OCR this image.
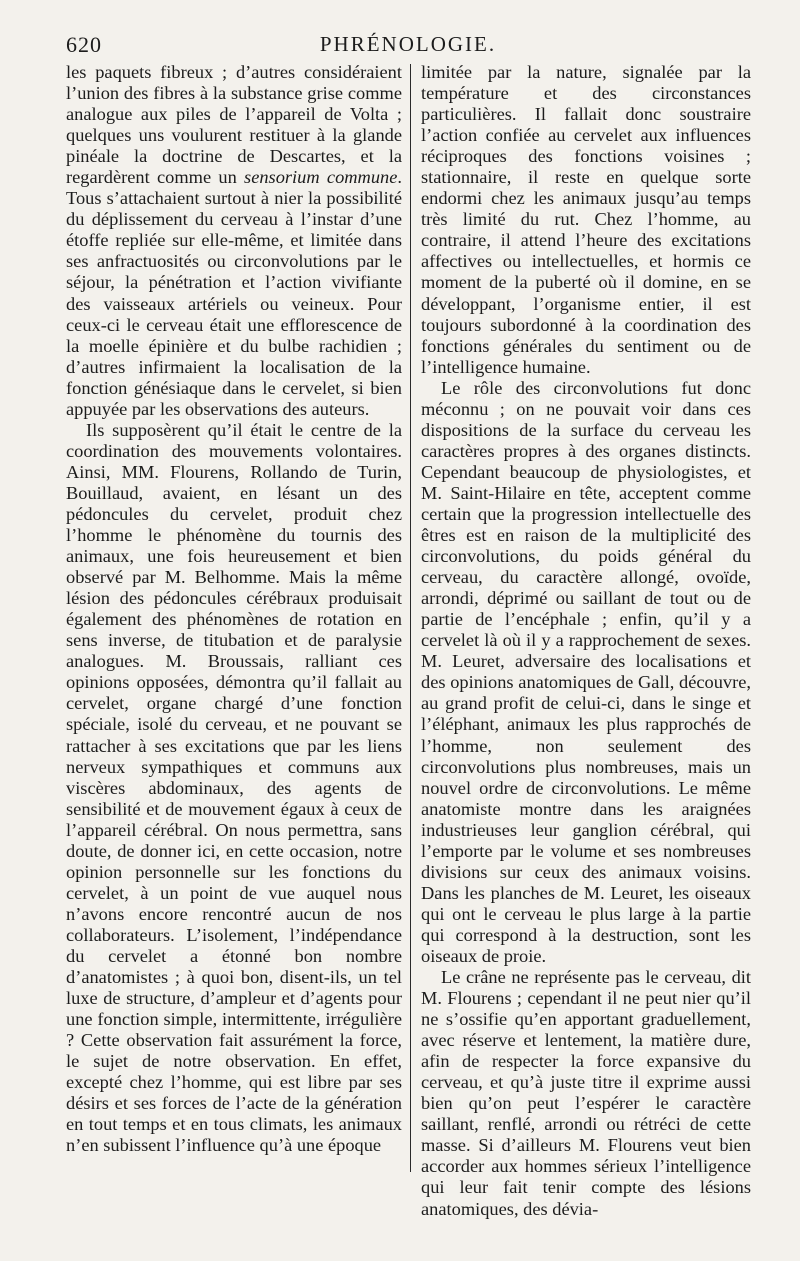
620	PHRÉNOLOGIE.

les paquets fibreux ; d’autres considéraient l’union des fibres à la substance grise comme analogue aux piles de l’appareil de Volta ; quelques uns voulurent restituer à la glande pinéale la doctrine de Descartes, et la regardèrent comme un sensorium commune. Tous s’attachaient surtout à nier la possibilité du déplissement du cerveau à l’instar d’une étoffe repliée sur elle-même, et limitée dans ses anfractuosités ou circonvolutions par le séjour, la pénétration et l’action vivifiante des vaisseaux artériels ou veineux. Pour ceux-ci le cerveau était une efflorescence de la moelle épinière et du bulbe rachidien ; d’autres infirmaient la localisation de la fonction génésiaque dans le cervelet, si bien appuyée par les observations des auteurs.

Ils supposèrent qu’il était le centre de la coordination des mouvements volontaires. Ainsi, MM. Flourens, Rollando de Turin, Bouillaud, avaient, en lésant un des pédoncules du cervelet, produit chez l’homme le phénomène du tournis des animaux, une fois heureusement et bien observé par M. Belhomme. Mais la même lésion des pédoncules cérébraux produisait également des phénomènes de rotation en sens inverse, de titubation et de paralysie analogues. M. Broussais, ralliant ces opinions opposées, démontra qu’il fallait au cervelet, organe chargé d’une fonction spéciale, isolé du cerveau, et ne pouvant se rattacher à ses excitations que par les liens nerveux sympathiques et communs aux viscères abdominaux, des agents de sensibilité et de mouvement égaux à ceux de l’appareil cérébral. On nous permettra, sans doute, de donner ici, en cette occasion, notre opinion personnelle sur les fonctions du cervelet, à un point de vue auquel nous n’avons encore rencontré aucun de nos collaborateurs. L’isolement, l’indépendance du cervelet a étonné bon nombre d’anatomistes ; à quoi bon, disent-ils, un tel luxe de structure, d’ampleur et d’agents pour une fonction simple, intermittente, irrégulière ? Cette observation fait assurément la force, le sujet de notre observation. En effet, excepté chez l’homme, qui est libre par ses désirs et ses forces de l’acte de la génération en tout temps et en tous climats, les animaux n’en subissent l’influence qu’à une époque

limitée par la nature, signalée par la température et des circonstances particulières. Il fallait donc soustraire l’action confiée au cervelet aux influences réciproques des fonctions voisines ; stationnaire, il reste en quelque sorte endormi chez les animaux jusqu’au temps très limité du rut. Chez l’homme, au contraire, il attend l’heure des excitations affectives ou intellectuelles, et hormis ce moment de la puberté où il domine, en se développant, l’organisme entier, il est toujours subordonné à la coordination des fonctions générales du sentiment ou de l’intelligence humaine.

Le rôle des circonvolutions fut donc méconnu ; on ne pouvait voir dans ces dispositions de la surface du cerveau les caractères propres à des organes distincts. Cependant beaucoup de physiologistes, et M. Saint-Hilaire en tête, acceptent comme certain que la progression intellectuelle des êtres est en raison de la multiplicité des circonvolutions, du poids général du cerveau, du caractère allongé, ovoïde, arrondi, déprimé ou saillant de tout ou de partie de l’encéphale ; enfin, qu’il y a cervelet là où il y a rapprochement de sexes. M. Leuret, adversaire des localisations et des opinions anatomiques de Gall, découvre, au grand profit de celui-ci, dans le singe et l’éléphant, animaux les plus rapprochés de l’homme, non seulement des circonvolutions plus nombreuses, mais un nouvel ordre de circonvolutions. Le même anatomiste montre dans les araignées industrieuses leur ganglion cérébral, qui l’emporte par le volume et ses nombreuses divisions sur ceux des animaux voisins. Dans les planches de M. Leuret, les oiseaux qui ont le cerveau le plus large à la partie qui correspond à la destruction, sont les oiseaux de proie.

Le crâne ne représente pas le cerveau, dit M. Flourens ; cependant il ne peut nier qu’il ne s’ossifie qu’en apportant graduellement, avec réserve et lentement, la matière dure, afin de respecter la force expansive du cerveau, et qu’à juste titre il exprime aussi bien qu’on peut l’espérer le caractère saillant, renflé, arrondi ou rétréci de cette masse. Si d’ailleurs M. Flourens veut bien accorder aux hommes sérieux l’intelligence qui leur fait tenir compte des lésions anatomiques, des dévia-
